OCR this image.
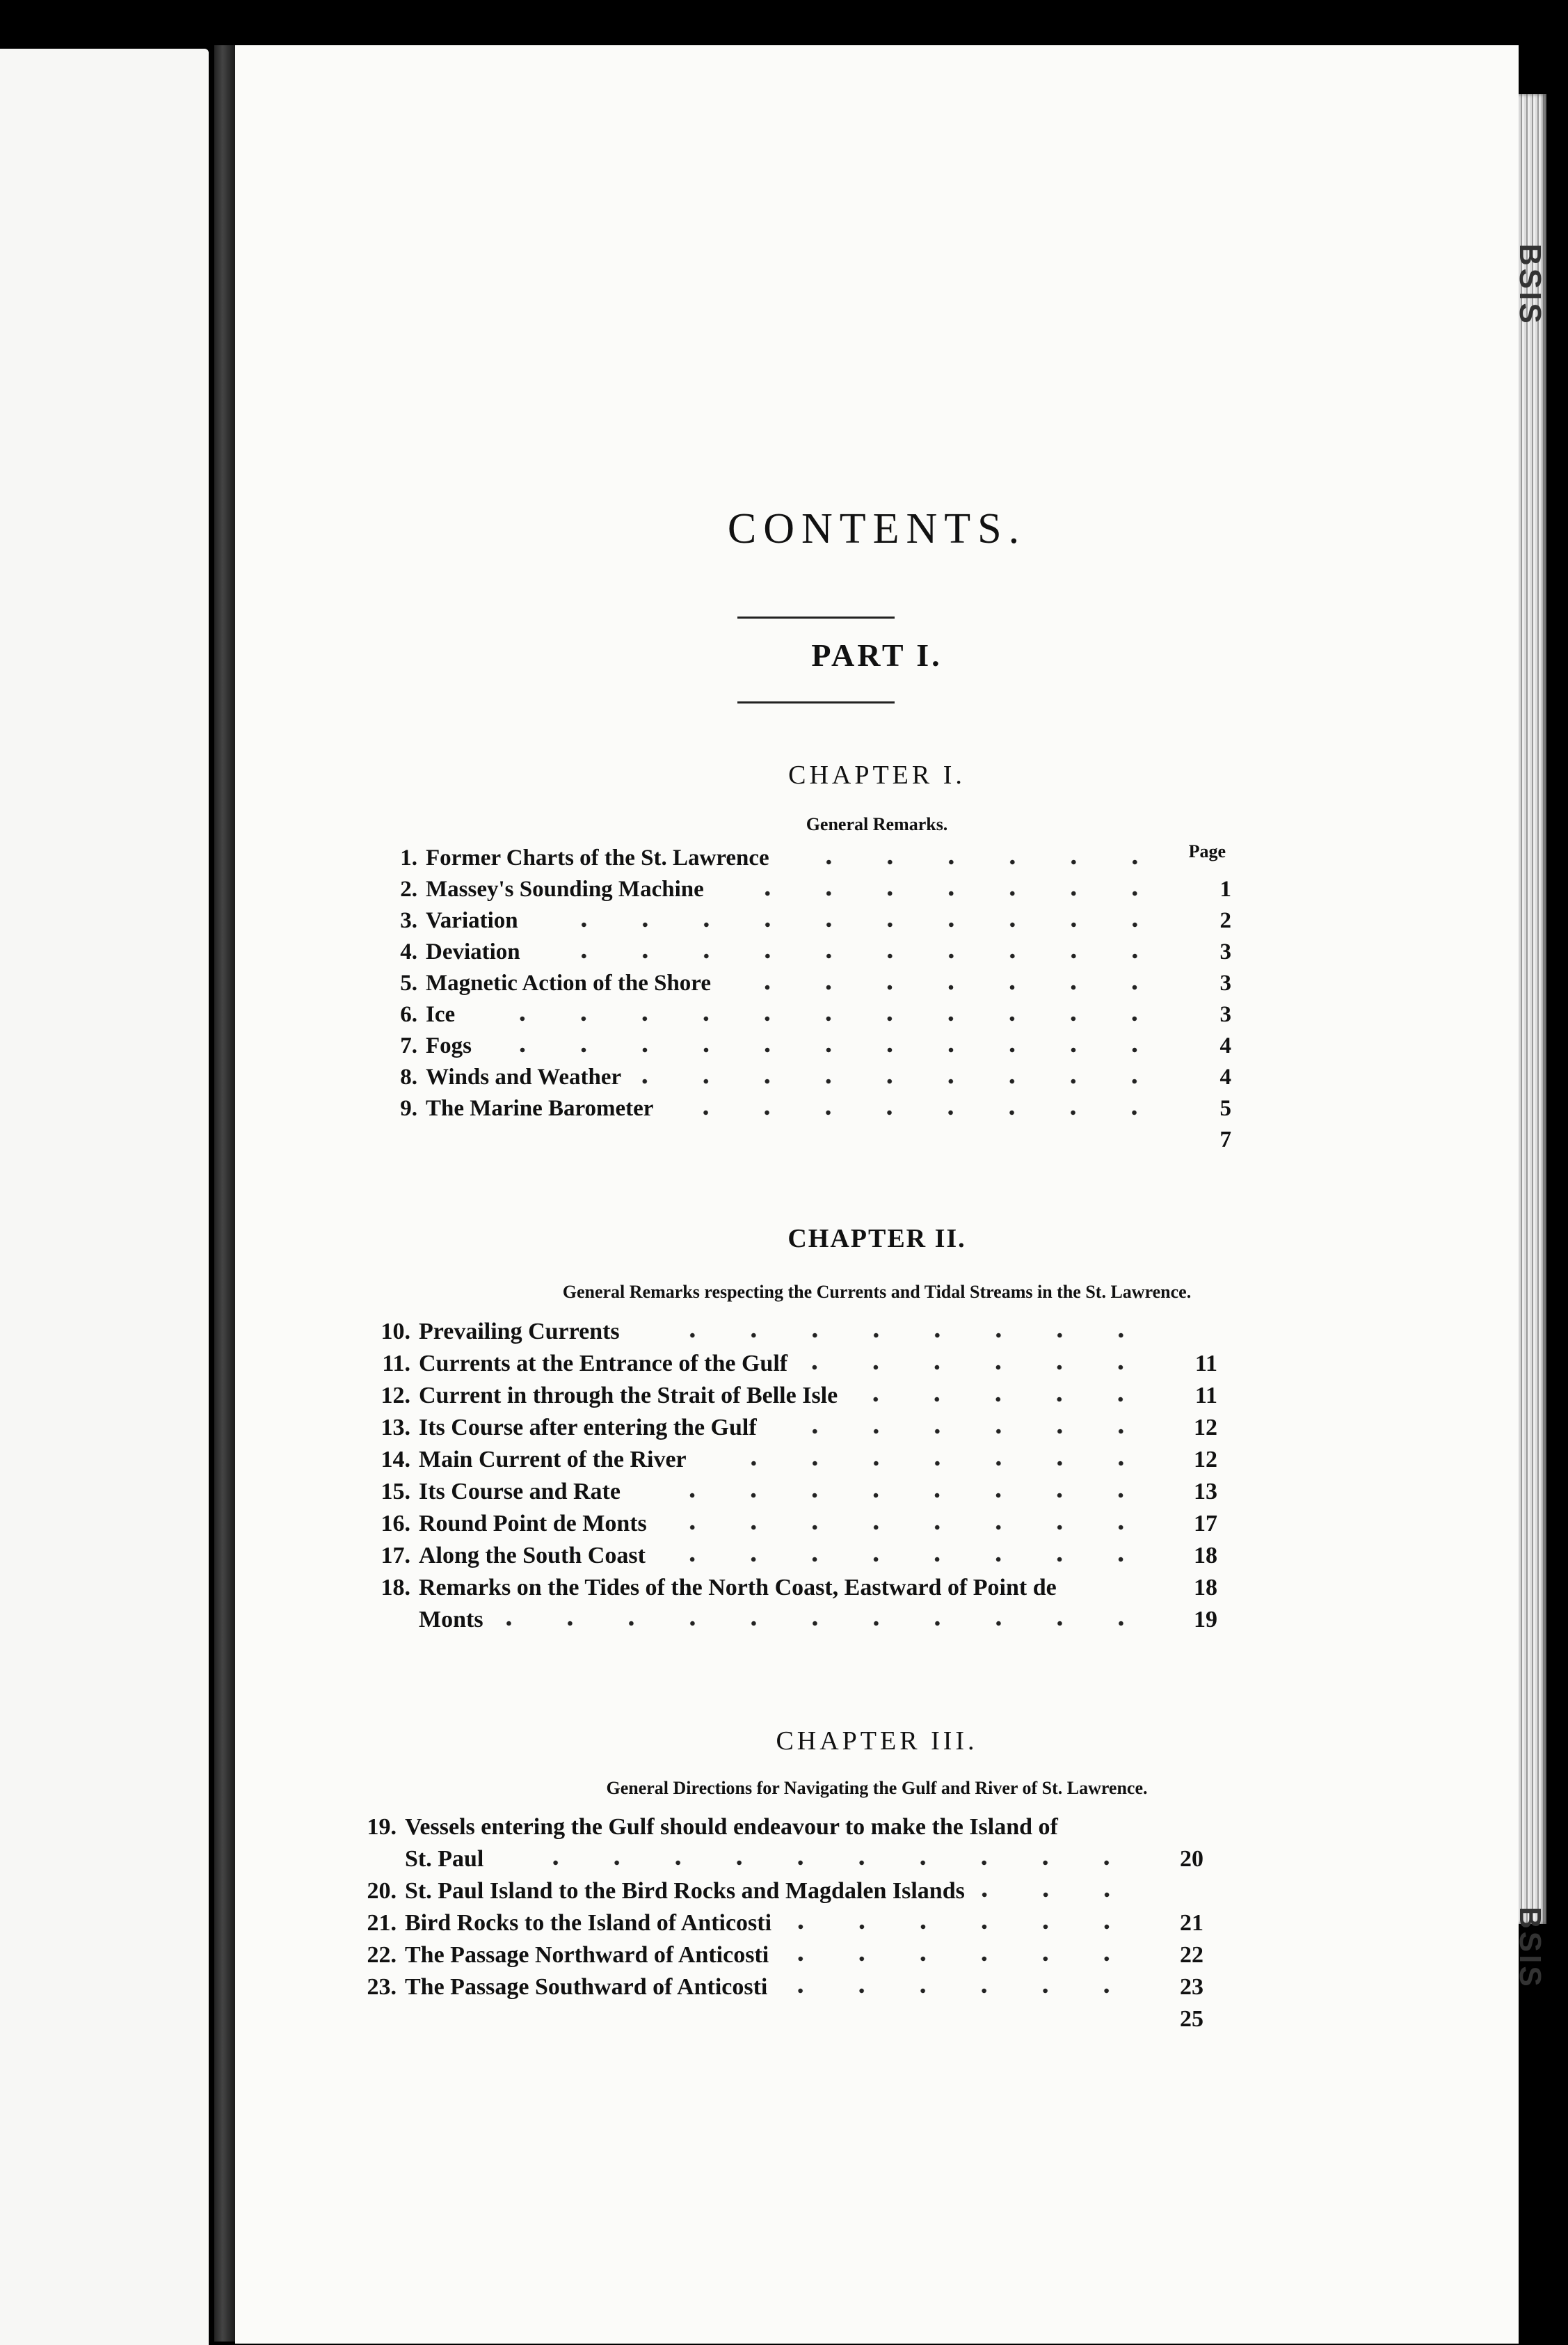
BSIS
BSIS
CONTENTS.
PART I.
CHAPTER I.
General Remarks.
Page
1. Former Charts of the St. Lawrence
1
2. Massey's Sounding Machine
2
3. Variation
3
4. Deviation
3
5. Magnetic Action of the Shore
3
6. Ice
4
7. Fogs
4
8. Winds and Weather
5
9. The Marine Barometer
7
CHAPTER II.
General Remarks respecting the Currents and Tidal Streams in the St. Lawrence.
10. Prevailing Currents
11
11. Currents at the Entrance of the Gulf
11
12. Current in through the Strait of Belle Isle
12
13. Its Course after entering the Gulf
12
14. Main Current of the River
13
15. Its Course and Rate
17
16. Round Point de Monts
18
17. Along the South Coast
18
18. Remarks on the Tides of the North Coast, Eastward of Point de
Monts	19
CHAPTER III.
General Directions for Navigating the Gulf and River of St. Lawrence.
19. Vessels entering the Gulf should endeavour to make the Island of
St. Paul	20
20. St. Paul Island to the Bird Rocks and Magdalen Islands
21
21. Bird Rocks to the Island of Anticosti
22
22. The Passage Northward of Anticosti
23
23. The Passage Southward of Anticosti
25
